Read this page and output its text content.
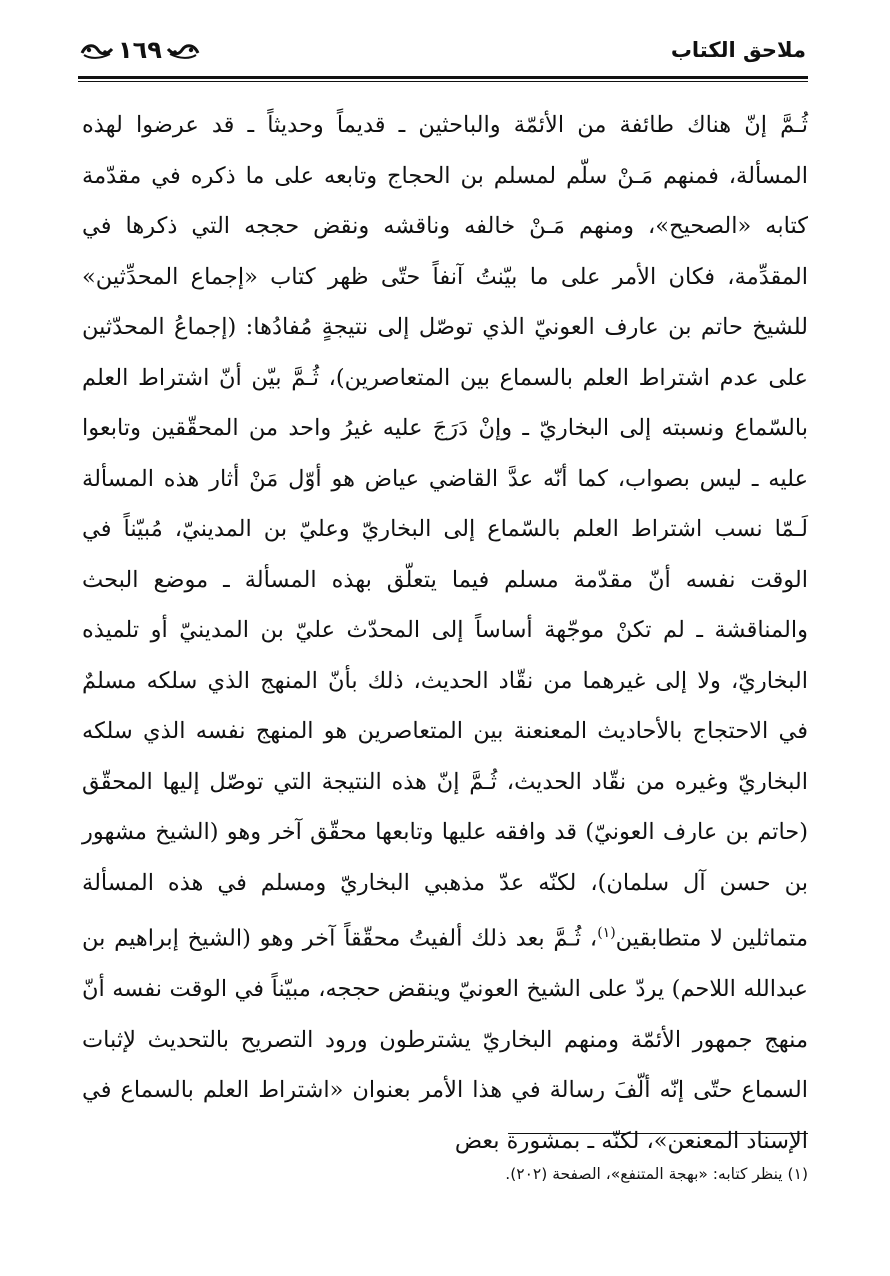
ملاحق الكتاب
١٦٩

ثُـمَّ إنّ هناك طائفة من الأئمّة والباحثين ـ قديماً وحديثاً ـ قد عرضوا لهذه المسألة، فمنهم مَـنْ سلّم لمسلم بن الحجاج وتابعه على ما ذكره في مقدّمة كتابه «الصحيح»، ومنهم مَـنْ خالفه وناقشه ونقض حججه التي ذكرها في المقدِّمة، فكان الأمر على ما بيّنتُ آنفاً حتّى ظهر كتاب «إجماع المحدِّثين» للشيخ حاتم بن عارف العونيّ الذي توصّل إلى نتيجةٍ مُفادُها: (إجماعُ المحدّثين على عدم اشتراط العلم بالسماع بين المتعاصرين)، ثُـمَّ بيّن أنّ اشتراط العلم بالسّماع ونسبته إلى البخاريّ ـ وإنْ دَرَجَ عليه غيرُ واحد من المحقّقين وتابعوا عليه ـ ليس بصواب، كما أنّه عدَّ القاضي عياض هو أوّل مَنْ أثار هذه المسألة لَـمّا نسب اشتراط العلم بالسّماع إلى البخاريّ وعليّ بن المدينيّ، مُبيّناً في الوقت نفسه أنّ مقدّمة مسلم فيما يتعلّق بهذه المسألة ـ موضع البحث والمناقشة ـ لم تكنْ موجّهة أساساً إلى المحدّث عليّ بن المدينيّ أو تلميذه البخاريّ، ولا إلى غيرهما من نقّاد الحديث، ذلك بأنّ المنهج الذي سلكه مسلمٌ في الاحتجاج بالأحاديث المعنعنة بين المتعاصرين هو المنهج نفسه الذي سلكه البخاريّ وغيره من نقّاد الحديث، ثُـمَّ إنّ هذه النتيجة التي توصّل إليها المحقّق (حاتم بن عارف العونيّ) قد وافقه عليها وتابعها محقّق آخر وهو (الشيخ مشهور بن حسن آل سلمان)، لكنّه عدّ مذهبي البخاريّ ومسلم في هذه المسألة متماثلين لا متطابقين$^{(١)}$، ثُـمَّ بعد ذلك ألفيتُ محقّقاً آخر وهو (الشيخ إبراهيم بن عبدالله اللاحم) يردّ على الشيخ العونيّ وينقض حججه، مبيّناً في الوقت نفسه أنّ منهج جمهور الأئمّة ومنهم البخاريّ يشترطون ورود التصريح بالتحديث لإثبات السماع حتّى إنّه ألّفَ رسالة في هذا الأمر بعنوان «اشتراط العلم بالسماع في الإسناد المعنعن»، لكنّه ـ بمشورة بعض

(١) ينظر كتابه: «بهجة المتنفع»، الصفحة (٢٠٢).
